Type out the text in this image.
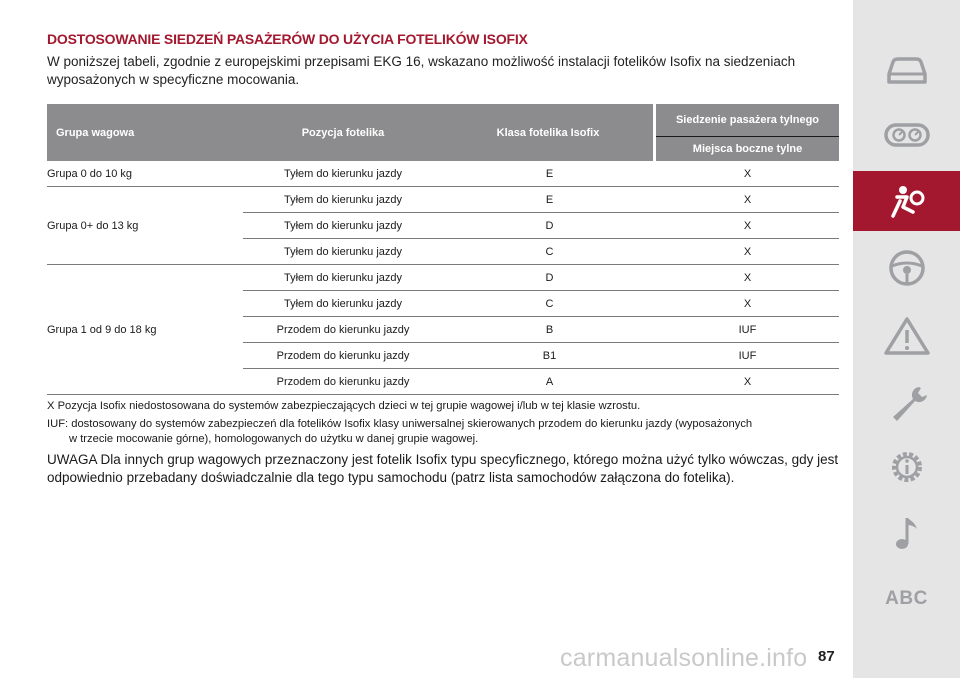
DOSTOSOWANIE SIEDZEŃ PASAŻERÓW DO UŻYCIA FOTELIKÓW ISOFIX
W poniższej tabeli, zgodnie z europejskimi przepisami EKG 16, wskazano możliwość instalacji fotelików Isofix na siedzeniach wyposażonych w specyficzne mocowania.
Grupa wagowa	Pozycja fotelika	Klasa fotelika Isofix		Siedzenie pasażera tylnego
				Miejsca boczne tylne
Grupa 0 do 10 kg	Tyłem do kierunku jazdy	E		X
Grupa 0+ do 13 kg	Tyłem do kierunku jazdy	E		X
	Tyłem do kierunku jazdy	D		X
	Tyłem do kierunku jazdy	C		X
Grupa 1 od 9 do 18 kg	Tyłem do kierunku jazdy	D		X
	Tyłem do kierunku jazdy	C		X
	Przodem do kierunku jazdy	B		IUF
	Przodem do kierunku jazdy	B1		IUF
	Przodem do kierunku jazdy	A		X

X Pozycja Isofix niedostosowana do systemów zabezpieczających dzieci w tej grupie wagowej i/lub w tej klasie wzrostu.

IUF: dostosowany do systemów zabezpieczeń dla fotelików Isofix klasy uniwersalnej skierowanych przodem do kierunku jazdy (wyposażonych

w trzecie mocowanie górne), homologowanych do użytku w danej grupie wagowej.

UWAGA Dla innych grup wagowych przeznaczony jest fotelik Isofix typu specyficznego, którego można użyć tylko wówczas, gdy jest odpowiednio przebadany doświadczalnie dla tego typu samochodu (patrz lista samochodów załączona do fotelika).

ABC
carmanualsonline.info 87
